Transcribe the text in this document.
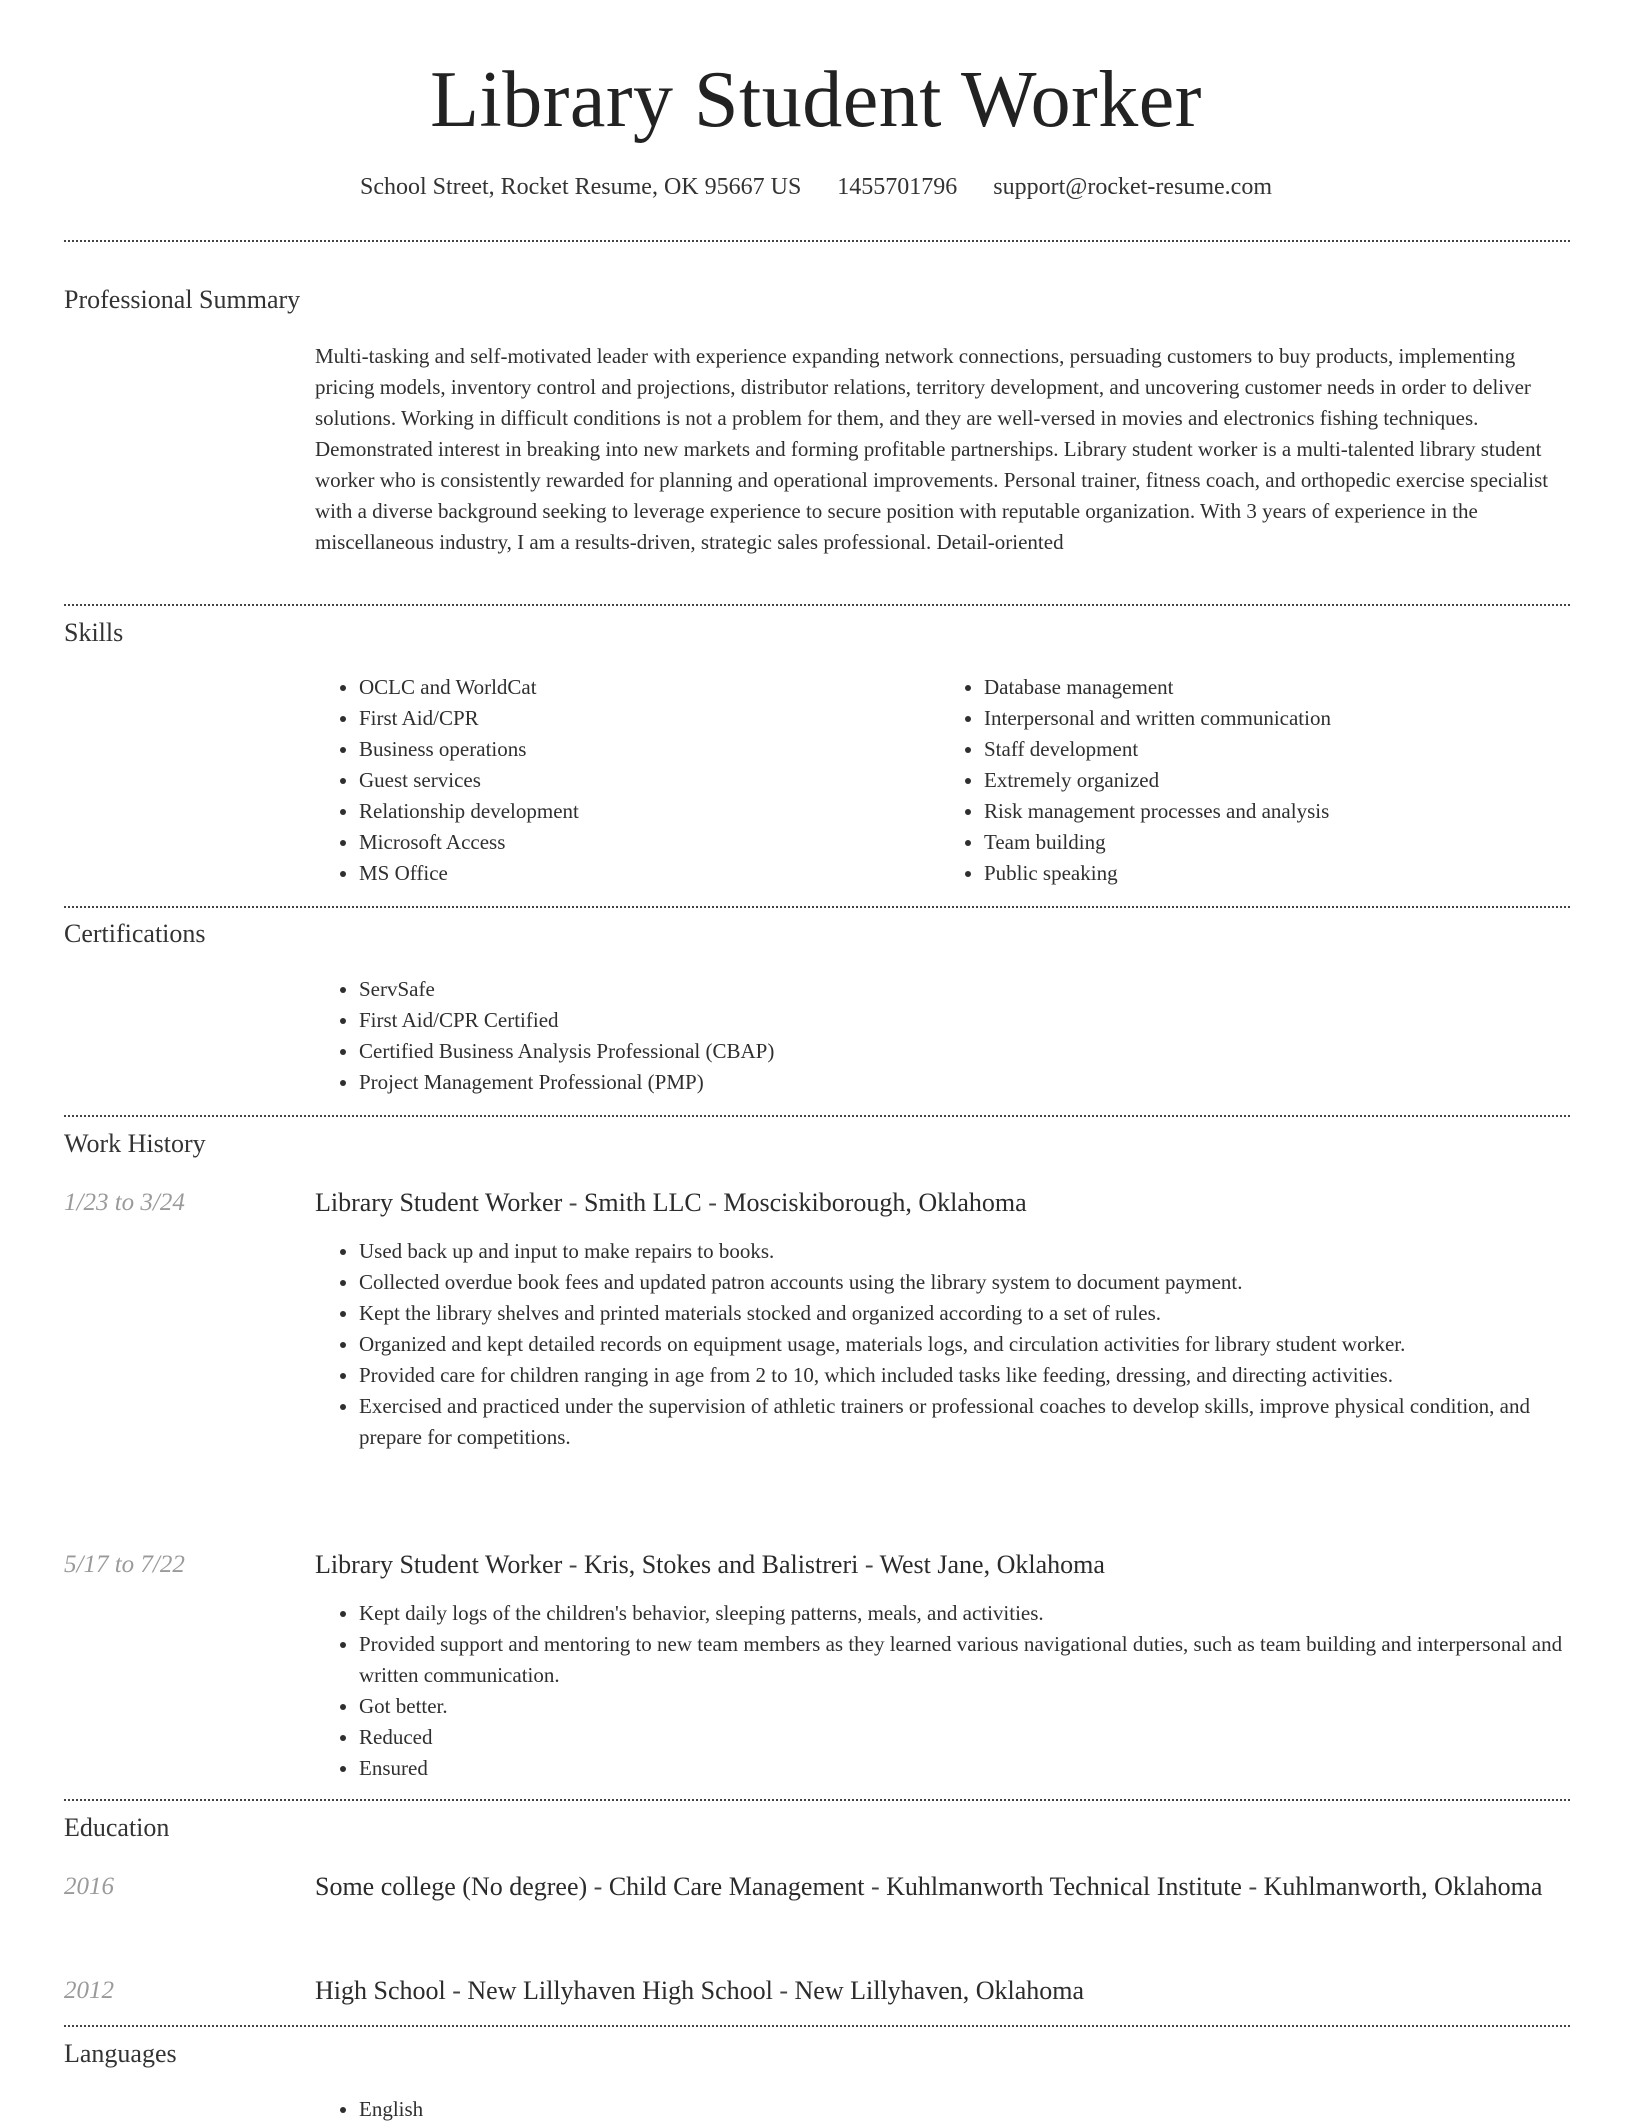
Library Student Worker
School Street, Rocket Resume, OK 95667 US 1455701796 support@rocket-resume.com
Professional Summary

Multi-tasking and self-motivated leader with experience expanding network connections, persuading customers to buy products, implementing pricing models, inventory control and projections, distributor relations, territory development, and uncovering customer needs in order to deliver solutions. Working in difficult conditions is not a problem for them, and they are well-versed in movies and electronics fishing techniques. Demonstrated interest in breaking into new markets and forming profitable partnerships. Library student worker is a multi-talented library student worker who is consistently rewarded for planning and operational improvements. Personal trainer, fitness coach, and orthopedic exercise specialist with a diverse background seeking to leverage experience to secure position with reputable organization. With 3 years of experience in the miscellaneous industry, I am a results-driven, strategic sales professional. Detail-oriented

Skills
• OCLC and WorldCat
• First Aid/CPR
• Business operations
• Guest services
• Relationship development
• Microsoft Access
• MS Office
• Database management
• Interpersonal and written communication
• Staff development
• Extremely organized
• Risk management processes and analysis
• Team building
• Public speaking
Certifications
• ServSafe
• First Aid/CPR Certified
• Certified Business Analysis Professional (CBAP)
• Project Management Professional (PMP)
Work History
1/23 to 3/24	Library Student Worker - Smith LLC - Mosciskiborough, Oklahoma
• Used back up and input to make repairs to books.
• Collected overdue book fees and updated patron accounts using the library system to document payment.
• Kept the library shelves and printed materials stocked and organized according to a set of rules.
• Organized and kept detailed records on equipment usage, materials logs, and circulation activities for library student worker.
• Provided care for children ranging in age from 2 to 10, which included tasks like feeding, dressing, and directing activities.
• Exercised and practiced under the supervision of athletic trainers or professional coaches to develop skills, improve physical condition, and prepare for competitions.
5/17 to 7/22	Library Student Worker - Kris, Stokes and Balistreri - West Jane, Oklahoma
• Kept daily logs of the children's behavior, sleeping patterns, meals, and activities.
• Provided support and mentoring to new team members as they learned various navigational duties, such as team building and interpersonal and written communication.
• Got better.
• Reduced
• Ensured
Education
2016	Some college (No degree) - Child Care Management - Kuhlmanworth Technical Institute - Kuhlmanworth, Oklahoma
2012	High School - New Lillyhaven High School - New Lillyhaven, Oklahoma
Languages
• English
